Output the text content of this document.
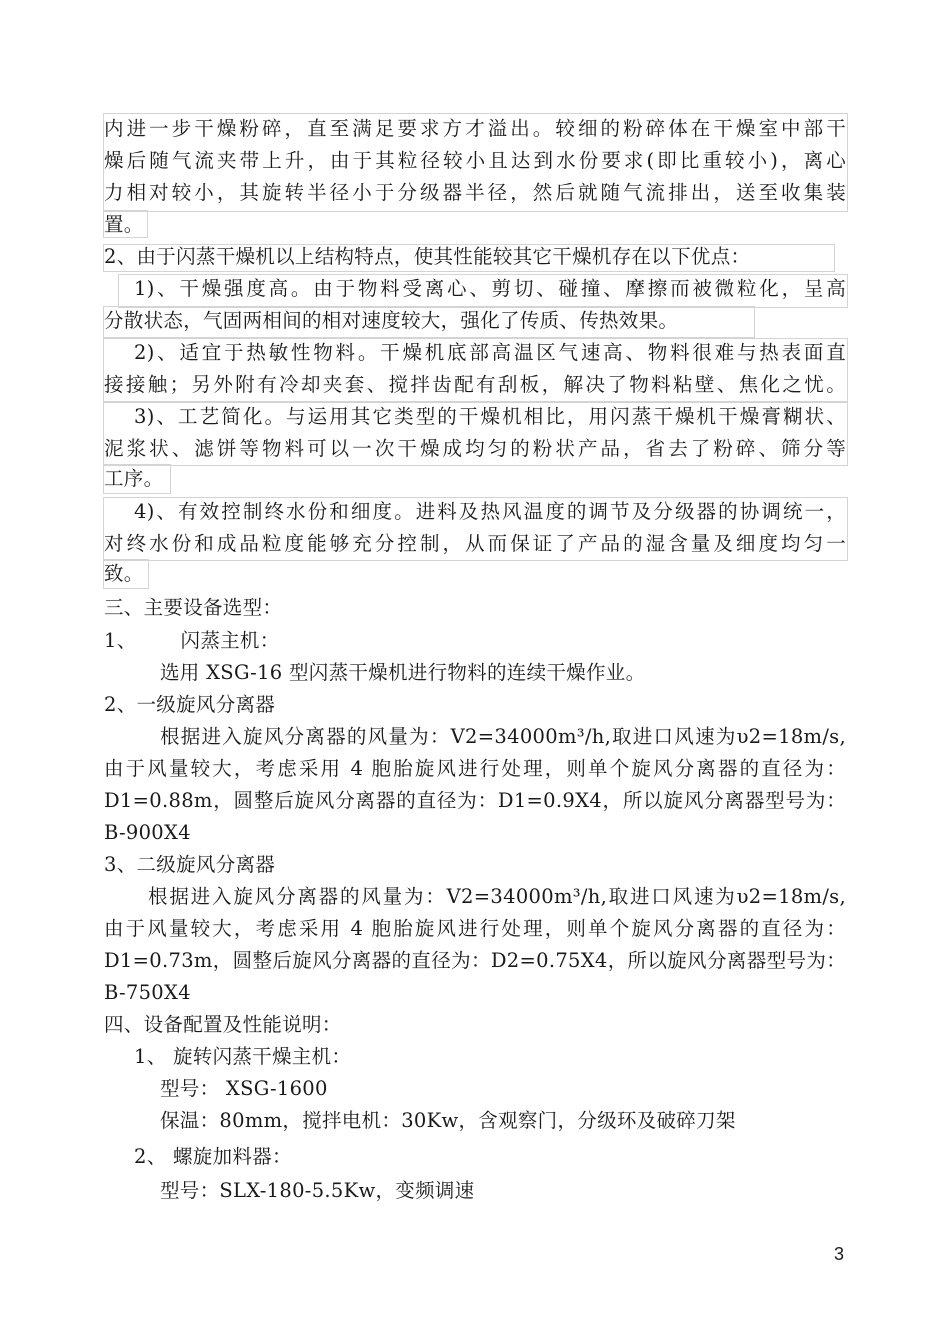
内进一步干燥粉碎，直至满足要求方才溢出。较细的粉碎体在干燥室中部干
燥后随气流夹带上升，由于其粒径较小且达到水份要求(即比重较小)，离心
力相对较小，其旋转半径小于分级器半径，然后就随气流排出，送至收集装
置。
2、由于闪蒸干燥机以上结构特点，使其性能较其它干燥机存在以下优点：
1)、干燥强度高。由于物料受离心、剪切、碰撞、摩擦而被微粒化，呈高
分散状态，气固两相间的相对速度较大，强化了传质、传热效果。
2)、适宜于热敏性物料。干燥机底部高温区气速高、物料很难与热表面直
接接触；另外附有冷却夹套、搅拌齿配有刮板，解决了物料粘壁、焦化之忧。
3)、工艺简化。与运用其它类型的干燥机相比，用闪蒸干燥机干燥膏糊状、
泥浆状、滤饼等物料可以一次干燥成均匀的粉状产品，省去了粉碎、筛分等
工序。
4)、有效控制终水份和细度。进料及热风温度的调节及分级器的协调统一，
对终水份和成品粒度能够充分控制，从而保证了产品的湿含量及细度均匀一
致。
三、主要设备选型：
1、 闪蒸主机：
选用 XSG-16 型闪蒸干燥机进行物料的连续干燥作业。
2、一级旋风分离器
根据进入旋风分离器的风量为：V2=34000m³/h,取进口风速为υ2=18m/s,
由于风量较大，考虑采用 4 胞胎旋风进行处理，则单个旋风分离器的直径为：
D1=0.88m，圆整后旋风分离器的直径为：D1=0.9X4，所以旋风分离器型号为：
B-900X4
3、二级旋风分离器
根据进入旋风分离器的风量为：V2=34000m³/h,取进口风速为υ2=18m/s,
由于风量较大，考虑采用 4 胞胎旋风进行处理，则单个旋风分离器的直径为：
D1=0.73m，圆整后旋风分离器的直径为：D2=0.75X4，所以旋风分离器型号为：
B-750X4
四、设备配置及性能说明：
1、 旋转闪蒸干燥主机：
型号： XSG-1600
保温：80mm，搅拌电机：30Kw，含观察门，分级环及破碎刀架
2、 螺旋加料器：
型号：SLX-180-5.5Kw，变频调速
3
